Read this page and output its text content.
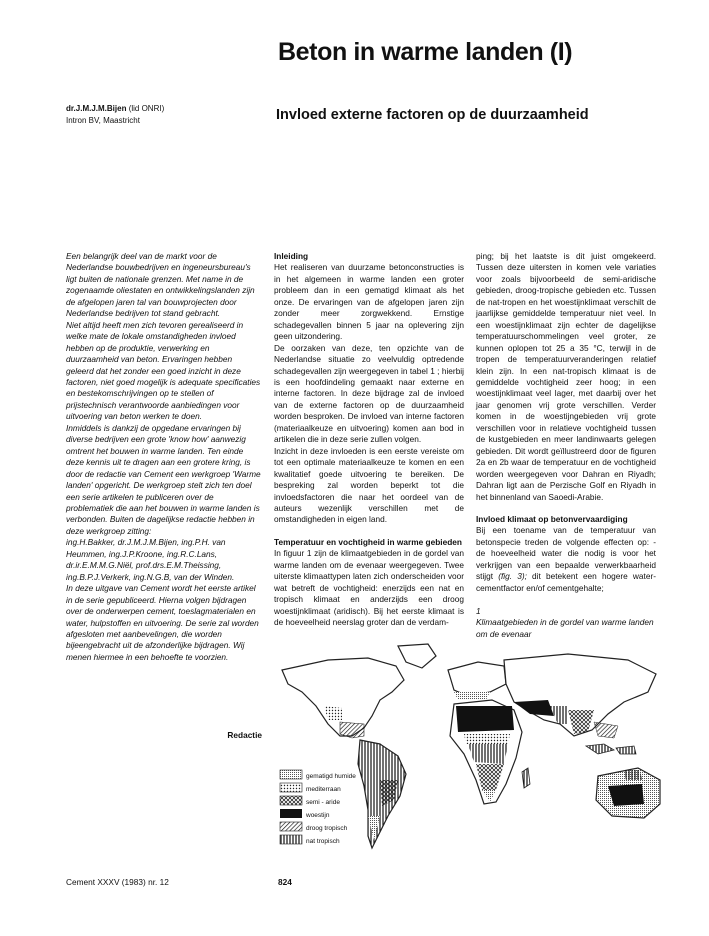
Beton in warme landen (I)
Invloed externe factoren op de duurzaamheid
dr.J.M.J.M.Bijen (lid ONRI)
Intron BV, Maastricht

Een belangrijk deel van de markt voor de Nederlandse bouwbedrijven en ingeneursbureau's ligt buiten de nationale grenzen. Met name in de zogenaamde oliestaten en ontwikkelingslanden zijn de afgelopen jaren tal van bouwprojecten door Nederlandse bedrijven tot stand gebracht.

Niet altijd heeft men zich tevoren gerealiseerd in welke mate de lokale omstandigheden invloed hebben op de produktie, verwerking en duurzaamheid van beton. Ervaringen hebben geleerd dat het zonder een goed inzicht in deze factoren, niet goed mogelijk is adequate specificaties en bestekomschrijvingen op te stellen of prijstechnisch verantwoorde aanbiedingen voor uitvoering van beton werken te doen.

Inmiddels is dankzij de opgedane ervaringen bij diverse bedrijven een grote 'know how' aanwezig omtrent het bouwen in warme landen. Ten einde deze kennis uit te dragen aan een grotere kring, is door de redactie van Cement een werkgroep 'Warme landen' opgericht. De werkgroep stelt zich ten doel een serie artikelen te publiceren over de problematiek die aan het bouwen in warme landen is verbonden. Buiten de dagelijkse redactie hebben in deze werkgroep zitting:

ing.H.Bakker, dr.J.M.J.M.Bijen, ing.P.H. van Heummen, ing.J.P.Kroone, ing.R.C.Lans, dr.ir.E.M.M.G.Niël, prof.drs.E.M.Theissing, ing.B.P.J.Verkerk, ing.N.G.B, van der Winden.

In deze uitgave van Cement wordt het eerste artikel in de serie gepubliceerd. Hierna volgen bijdragen over de onderwerpen cement, toeslagmaterialen en water, hulpstoffen en uitvoering. De serie zal worden afgesloten met aanbevelingen, die worden bijeengebracht uit de afzonderlijke bijdragen. Wij menen hiermee in een behoefte te voorzien.

Redactie

Inleiding

Het realiseren van duurzame betonconstructies is in het algemeen in warme landen een groter probleem dan in een gematigd klimaat als het onze. De ervaringen van de afgelopen jaren zijn zonder meer zorgwekkend. Ernstige schadegevallen binnen 5 jaar na oplevering zijn geen uitzondering.

De oorzaken van deze, ten opzichte van de Nederlandse situatie zo veelvuldig optredende schadegevallen zijn weergegeven in tabel 1 ; hierbij is een hoofdindeling gemaakt naar externe en interne factoren. In deze bijdrage zal de invloed van de externe factoren op de duurzaamheid worden besproken. De invloed van interne factoren (materiaalkeuze en uitvoering) komen aan bod in artikelen die in deze serie zullen volgen.

Inzicht in deze invloeden is een eerste vereiste om tot een optimale materiaalkeuze te komen en een kwalitatief goede uitvoering te bereiken. De bespreking zal worden beperkt tot die invloedsfactoren die naar het oordeel van de auteurs wezenlijk verschillen met de omstandigheden in eigen land.

Temperatuur en vochtigheid in warme gebieden

In figuur 1 zijn de klimaatgebieden in de gordel van warme landen om de evenaar weergegeven. Twee uiterste klimaattypen laten zich onderscheiden voor wat betreft de vochtigheid: enerzijds een nat en tropisch klimaat en anderzijds een droog woestijnklimaat (aridisch). Bij het eerste klimaat is de hoeveelheid neerslag groter dan de verdam-

ping; bij het laatste is dit juist omgekeerd. Tussen deze uitersten in komen vele variaties voor zoals bijvoorbeeld de semi-aridische gebieden, droog-tropische gebieden etc. Tussen de nat-tropen en het woestijnklimaat verschilt de jaarlijkse gemiddelde temperatuur niet veel. In een woestijnklimaat zijn echter de dagelijkse temperatuurschommelingen veel groter, ze kunnen oplopen tot 25 a 35 °C, terwijl in de tropen de temperatuurveranderingen relatief klein zijn. In een nat-tropisch klimaat is de gemiddelde vochtigheid zeer hoog; in een woestijnklimaat veel lager, met daarbij over het jaar genomen vrij grote verschillen. Verder komen in de woestijngebieden vrij grote verschillen voor in relatieve vochtigheid tussen de kustgebieden en meer landinwaarts gelegen gebieden. Dit wordt geïllustreerd door de figuren 2a en 2b waar de temperatuur en de vochtigheid worden weergegeven voor Dahran en Riyadh; Dahran ligt aan de Perzische Golf en Riyadh in het binnenland van Saoedi-Arabie.

Invloed klimaat op betonvervaardiging

Bij een toename van de temperatuur van betonspecie treden de volgende effecten op: - de hoeveelheid water die nodig is voor het verkrijgen van een bepaalde verwerkbaarheid stijgt (fig. 3); dit betekent een hogere water-cementfactor en/of cementgehalte;

1
Klimaatgebieden in de gordel van warme landen om de evenaar
gematigd humide
mediterraan
semi - aride
woestijn
droog tropisch
nat tropisch
Cement XXXV (1983) nr. 12	824
